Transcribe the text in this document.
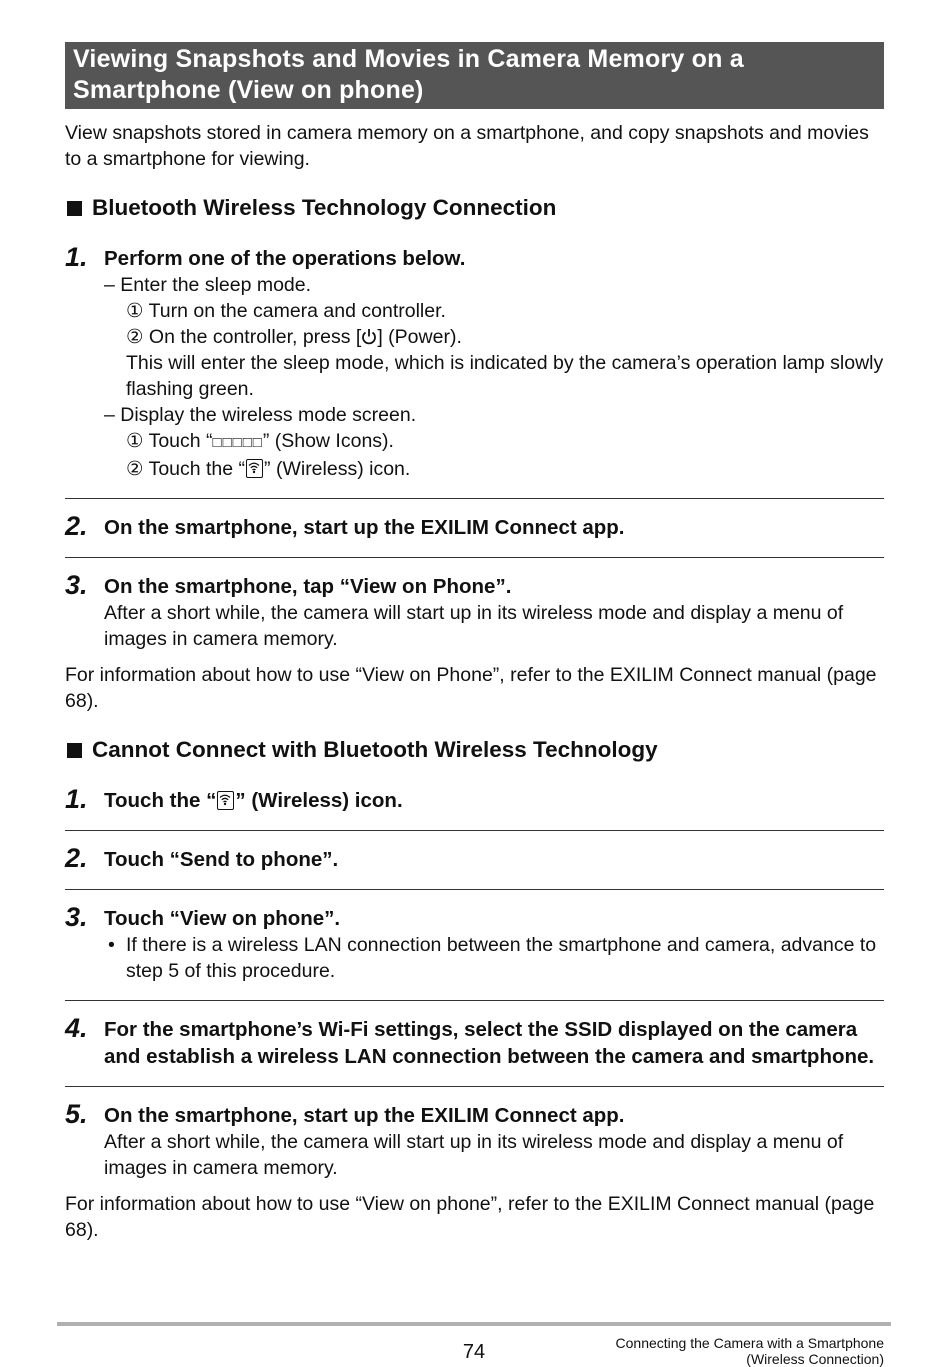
Viewing Snapshots and Movies in Camera Memory on a
Smartphone (View on phone)
View snapshots stored in camera memory on a smartphone, and copy snapshots and movies to a smartphone for viewing.
Bluetooth Wireless Technology Connection
1. Perform one of the operations below.
– Enter the sleep mode.
① Turn on the camera and controller.
② On the controller, press [ ] (Power).
This will enter the sleep mode, which is indicated by the camera’s operation lamp slowly flashing green.
– Display the wireless mode screen.
① Touch “□□□□□” (Show Icons).
② Touch the “ ” (Wireless) icon.
2. On the smartphone, start up the EXILIM Connect app.
3. On the smartphone, tap “View on Phone”.
After a short while, the camera will start up in its wireless mode and display a menu of images in camera memory.
For information about how to use “View on Phone”, refer to the EXILIM Connect manual (page 68).
Cannot Connect with Bluetooth Wireless Technology
1. Touch the “ ” (Wireless) icon.
2. Touch “Send to phone”.
3. Touch “View on phone”.
• If there is a wireless LAN connection between the smartphone and camera, advance to step 5 of this procedure.
4. For the smartphone’s Wi-Fi settings, select the SSID displayed on the camera and establish a wireless LAN connection between the camera and smartphone.
5. On the smartphone, start up the EXILIM Connect app.
After a short while, the camera will start up in its wireless mode and display a menu of images in camera memory.
For information about how to use “View on phone”, refer to the EXILIM Connect manual (page 68).
74	Connecting the Camera with a Smartphone
(Wireless Connection)
